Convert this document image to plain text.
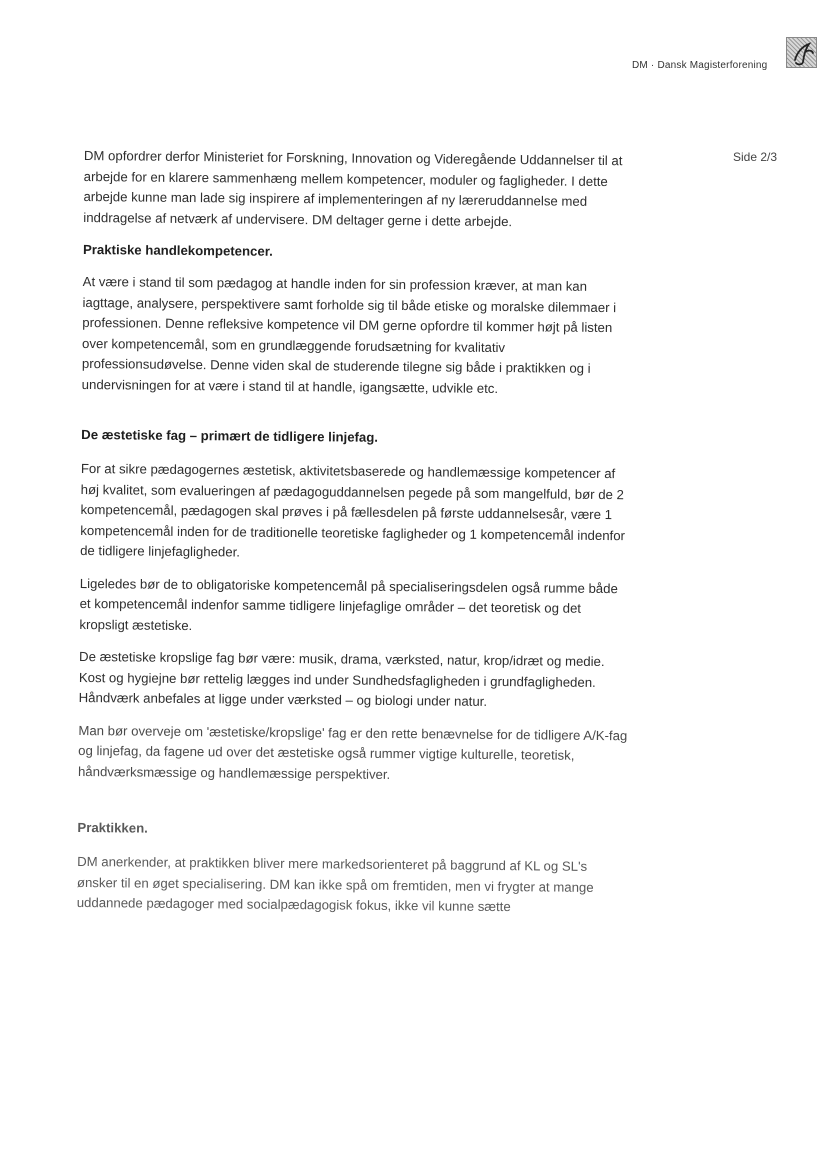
DM · Dansk Magisterforening
Side 2/3

DM opfordrer derfor Ministeriet for Forskning, Innovation og Videregående Uddannelser til at arbejde for en klarere sammenhæng mellem kompetencer, moduler og fagligheder. I dette arbejde kunne man lade sig inspirere af implementeringen af ny læreruddannelse med inddragelse af netværk af undervisere. DM deltager gerne i dette arbejde.

Praktiske handlekompetencer.

At være i stand til som pædagog at handle inden for sin profession kræver, at man kan iagttage, analysere, perspektivere samt forholde sig til både etiske og moralske dilemmaer i professionen. Denne refleksive kompetence vil DM gerne opfordre til kommer højt på listen over kompetencemål, som en grundlæggende forudsætning for kvalitativ professionsudøvelse. Denne viden skal de studerende tilegne sig både i praktikken og i undervisningen for at være i stand til at handle, igangsætte, udvikle etc.

De æstetiske fag – primært de tidligere linjefag.

For at sikre pædagogernes æstetisk, aktivitetsbaserede og handlemæssige kompetencer af høj kvalitet, som evalueringen af pædagoguddannelsen pegede på som mangelfuld, bør de 2 kompetencemål, pædagogen skal prøves i på fællesdelen på første uddannelsesår, være 1 kompetencemål inden for de traditionelle teoretiske fagligheder og 1 kompetencemål indenfor de tidligere linjefagligheder.

Ligeledes bør de to obligatoriske kompetencemål på specialiseringsdelen også rumme både et kompetencemål indenfor samme tidligere linjefaglige områder – det teoretisk og det kropsligt æstetiske.

De æstetiske kropslige fag bør være: musik, drama, værksted, natur, krop/idræt og medie. Kost og hygiejne bør rettelig lægges ind under Sundhedsfagligheden i grundfagligheden. Håndværk anbefales at ligge under værksted – og biologi under natur.

Man bør overveje om 'æstetiske/kropslige' fag er den rette benævnelse for de tidligere A/K-fag og linjefag, da fagene ud over det æstetiske også rummer vigtige kulturelle, teoretisk, håndværksmæssige og handlemæssige perspektiver.

Praktikken.

DM anerkender, at praktikken bliver mere markedsorienteret på baggrund af KL og SL's ønsker til en øget specialisering. DM kan ikke spå om fremtiden, men vi frygter at mange uddannede pædagoger med socialpædagogisk fokus, ikke vil kunne sætte
